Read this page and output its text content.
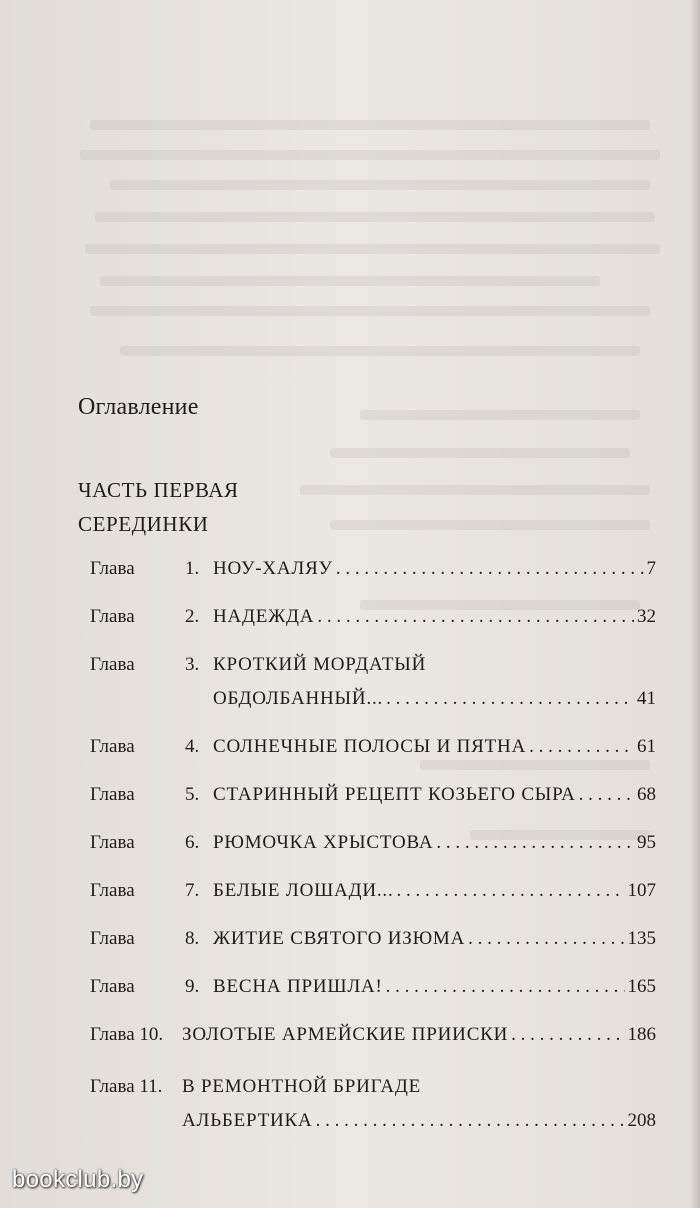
Оглавление
ЧАСТЬ ПЕРВАЯ
СЕРЕДИНКИ
Глава	1. НОУ-ХАЛЯУ . . .	7
Глава	2. НАДЕЖДА . . .	32
Глава	3. КРОТКИЙ МОРДАТЫЙ
ОБДОЛБАННЫЙ... . . .	41
Глава	4. СОЛНЕЧНЫЕ ПОЛОСЫ И ПЯТНА . . .	61
Глава	5. СТАРИННЫЙ РЕЦЕПТ КОЗЬЕГО СЫРА . . .	68
Глава	6. РЮМОЧКА ХРЫСТОВА . . .	95
Глава	7. БЕЛЫЕ ЛОШАДИ... . . .	107
Глава	8. ЖИТИЕ СВЯТОГО ИЗЮМА . . .	135
Глава	9. ВЕСНА ПРИШЛА! . . .	165
Глава 10. ЗОЛОТЫЕ АРМЕЙСКИЕ ПРИИСКИ . . .	186
Глава 11.	В РЕМОНТНОЙ БРИГАДЕ
АЛЬБЕРТИКА . . .	208
bookclub.by
